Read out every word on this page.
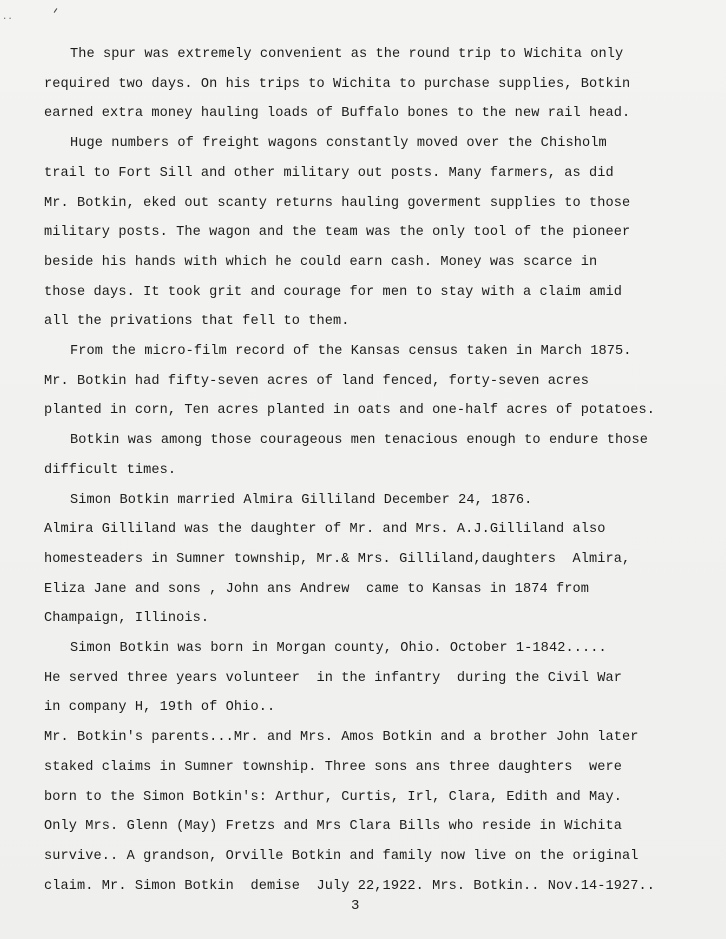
..
The spur was extremely convenient as the round trip to Wichita only
required two days. On his trips to Wichita to purchase supplies, Botkin
earned extra money hauling loads of Buffalo bones to the new rail head.
Huge numbers of freight wagons constantly moved over the Chisholm
trail to Fort Sill and other military out posts. Many farmers, as did
Mr. Botkin, eked out scanty returns hauling goverment supplies to those
military posts. The wagon and the team was the only tool of the pioneer
beside his hands with which he could earn cash. Money was scarce in
those days. It took grit and courage for men to stay with a claim amid
all the privations that fell to them.
From the micro-film record of the Kansas census taken in March 1875.
Mr. Botkin had fifty-seven acres of land fenced, forty-seven acres
planted in corn, Ten acres planted in oats and one-half acres of potatoes.
Botkin was among those courageous men tenacious enough to endure those
difficult times.
Simon Botkin married Almira Gilliland December 24, 1876.
Almira Gilliland was the daughter of Mr. and Mrs. A.J.Gilliland also
homesteaders in Sumner township, Mr.& Mrs. Gilliland,daughters  Almira,
Eliza Jane and sons , John ans Andrew  came to Kansas in 1874 from
Champaign, Illinois.
Simon Botkin was born in Morgan county, Ohio. October 1-1842.....
He served three years volunteer  in the infantry  during the Civil War
in company H, 19th of Ohio..
Mr. Botkin's parents...Mr. and Mrs. Amos Botkin and a brother John later
staked claims in Sumner township. Three sons ans three daughters  were
born to the Simon Botkin's: Arthur, Curtis, Irl, Clara, Edith and May.
Only Mrs. Glenn (May) Fretzs and Mrs Clara Bills who reside in Wichita
survive.. A grandson, Orville Botkin and family now live on the original
claim. Mr. Simon Botkin  demise  July 22,1922. Mrs. Botkin.. Nov.14-1927..
3
